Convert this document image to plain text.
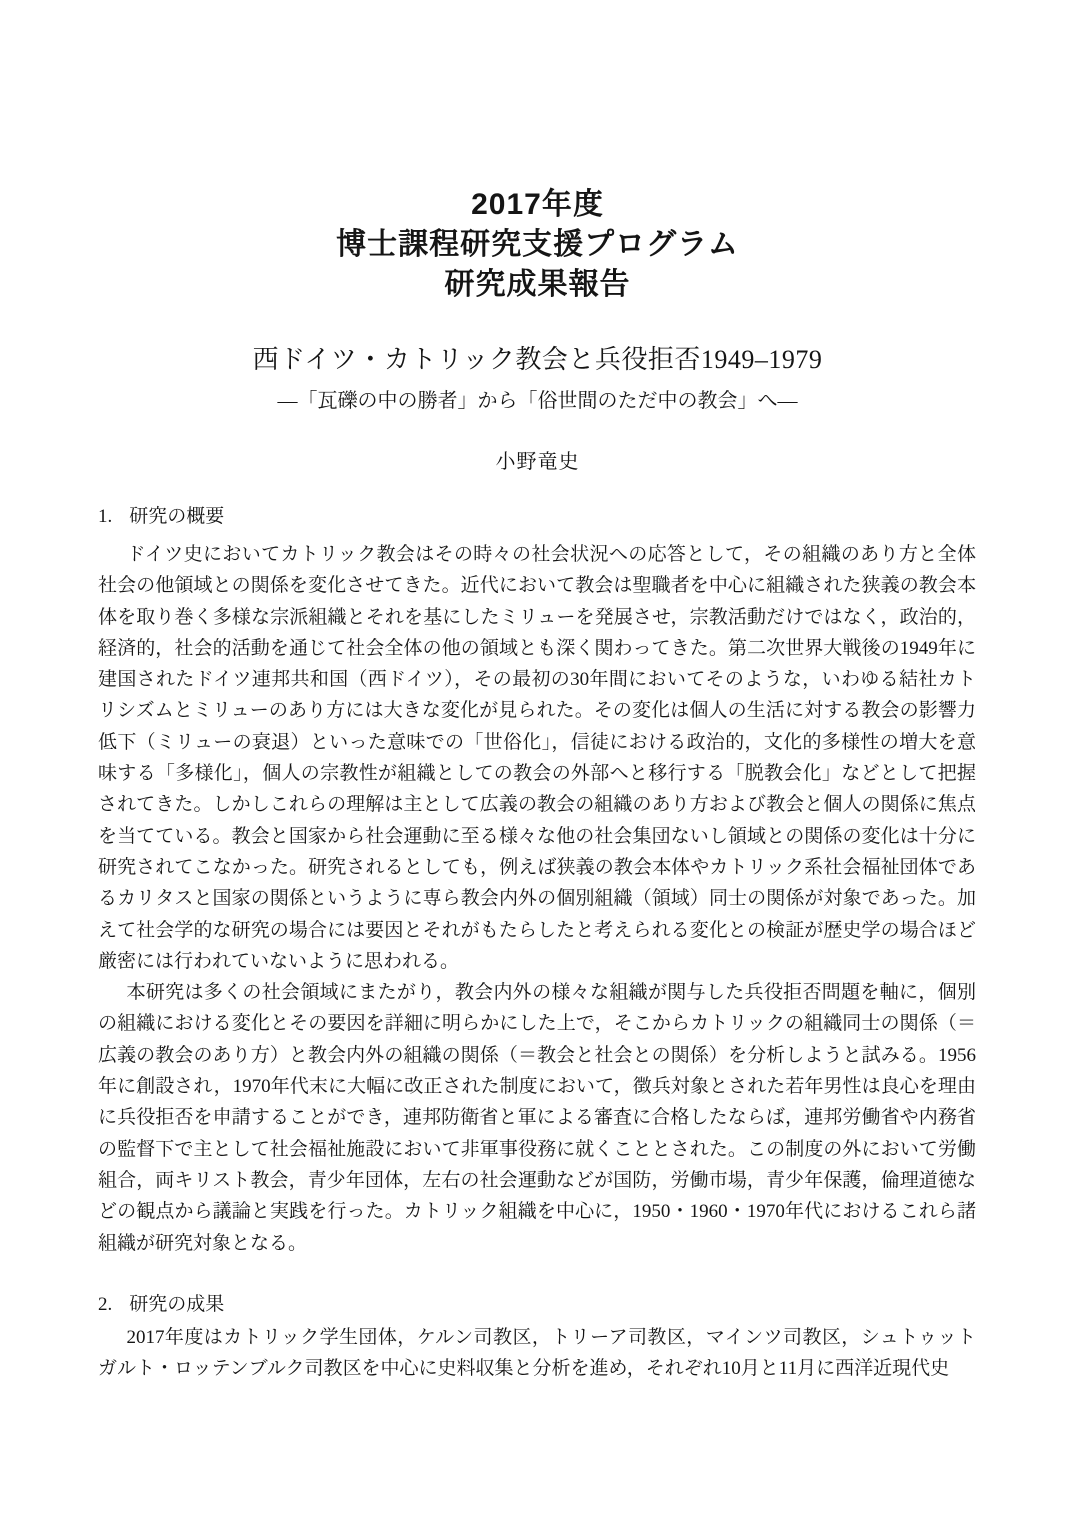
2017年度
博士課程研究支援プログラム
研究成果報告
西ドイツ・カトリック教会と兵役拒否1949–1979
―「瓦礫の中の勝者」から「俗世間のただ中の教会」へ―
小野竜史
1. 研究の概要

ドイツ史においてカトリック教会はその時々の社会状況への応答として，その組織のあり方と全体社会の他領域との関係を変化させてきた。近代において教会は聖職者を中心に組織された狭義の教会本体を取り巻く多様な宗派組織とそれを基にしたミリューを発展させ，宗教活動だけではなく，政治的，経済的，社会的活動を通じて社会全体の他の領域とも深く関わってきた。第二次世界大戦後の1949年に建国されたドイツ連邦共和国（西ドイツ），その最初の30年間においてそのような，いわゆる結社カトリシズムとミリューのあり方には大きな変化が見られた。その変化は個人の生活に対する教会の影響力低下（ミリューの衰退）といった意味での「世俗化」，信徒における政治的，文化的多様性の増大を意味する「多様化」，個人の宗教性が組織としての教会の外部へと移行する「脱教会化」などとして把握されてきた。しかしこれらの理解は主として広義の教会の組織のあり方および教会と個人の関係に焦点を当てている。教会と国家から社会運動に至る様々な他の社会集団ないし領域との関係の変化は十分に研究されてこなかった。研究されるとしても，例えば狭義の教会本体やカトリック系社会福祉団体であるカリタスと国家の関係というように専ら教会内外の個別組織（領域）同士の関係が対象であった。加えて社会学的な研究の場合には要因とそれがもたらしたと考えられる変化との検証が歴史学の場合ほど厳密には行われていないように思われる。

本研究は多くの社会領域にまたがり，教会内外の様々な組織が関与した兵役拒否問題を軸に，個別の組織における変化とその要因を詳細に明らかにした上で，そこからカトリックの組織同士の関係（＝広義の教会のあり方）と教会内外の組織の関係（＝教会と社会との関係）を分析しようと試みる。1956年に創設され，1970年代末に大幅に改正された制度において，徴兵対象とされた若年男性は良心を理由に兵役拒否を申請することができ，連邦防衛省と軍による審査に合格したならば，連邦労働省や内務省の監督下で主として社会福祉施設において非軍事役務に就くこととされた。この制度の外において労働組合，両キリスト教会，青少年団体，左右の社会運動などが国防，労働市場，青少年保護，倫理道徳などの観点から議論と実践を行った。カトリック組織を中心に，1950・1960・1970年代におけるこれら諸組織が研究対象となる。

2. 研究の成果

2017年度はカトリック学生団体，ケルン司教区，トリーア司教区，マインツ司教区，シュトゥットガルト・ロッテンブルク司教区を中心に史料収集と分析を進め，それぞれ10月と11月に西洋近現代史
